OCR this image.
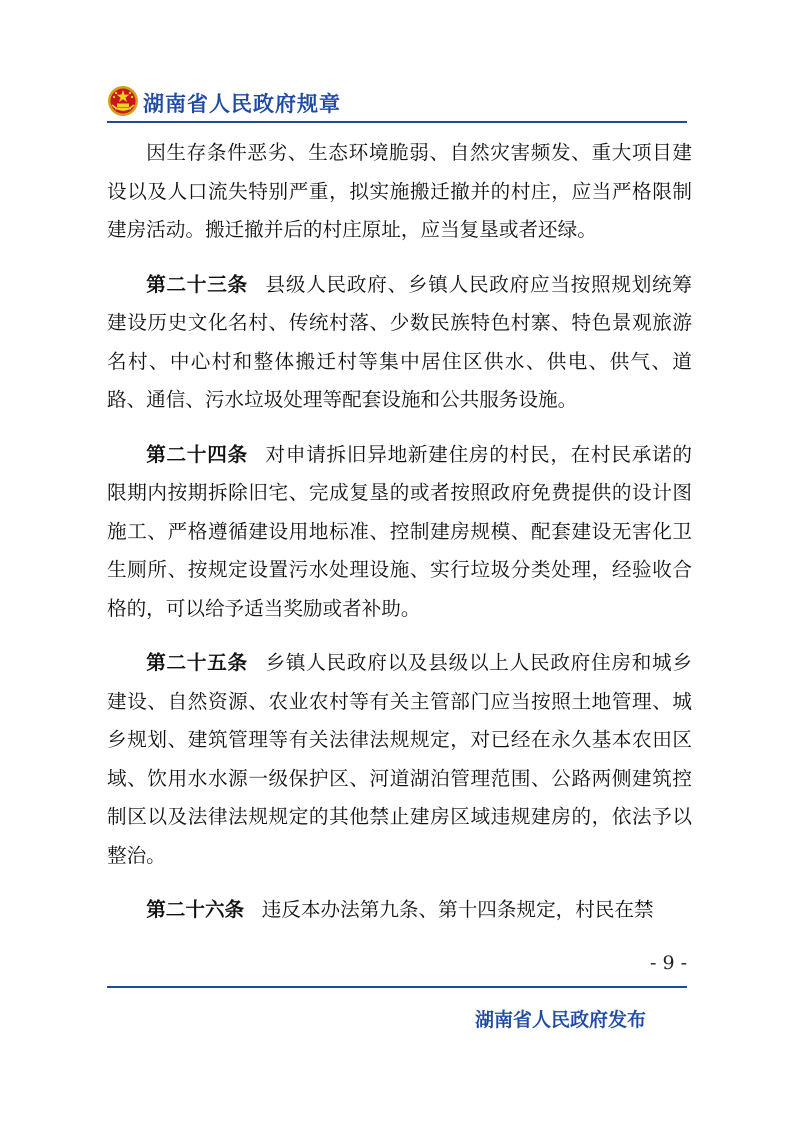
湖南省人民政府规章

因生存条件恶劣、生态环境脆弱、自然灾害频发、重大项目建设以及人口流失特别严重，拟实施搬迁撤并的村庄，应当严格限制建房活动。搬迁撤并后的村庄原址，应当复垦或者还绿。

第二十三条 县级人民政府、乡镇人民政府应当按照规划统筹建设历史文化名村、传统村落、少数民族特色村寨、特色景观旅游名村、中心村和整体搬迁村等集中居住区供水、供电、供气、道路、通信、污水垃圾处理等配套设施和公共服务设施。

第二十四条 对申请拆旧异地新建住房的村民，在村民承诺的限期内按期拆除旧宅、完成复垦的或者按照政府免费提供的设计图施工、严格遵循建设用地标准、控制建房规模、配套建设无害化卫生厕所、按规定设置污水处理设施、实行垃圾分类处理，经验收合格的，可以给予适当奖励或者补助。

第二十五条 乡镇人民政府以及县级以上人民政府住房和城乡建设、自然资源、农业农村等有关主管部门应当按照土地管理、城乡规划、建筑管理等有关法律法规规定，对已经在永久基本农田区域、饮用水水源一级保护区、河道湖泊管理范围、公路两侧建筑控制区以及法律法规规定的其他禁止建房区域违规建房的，依法予以整治。

第二十六条 违反本办法第九条、第十四条规定，村民在禁

- 9 -
湖南省人民政府发布
